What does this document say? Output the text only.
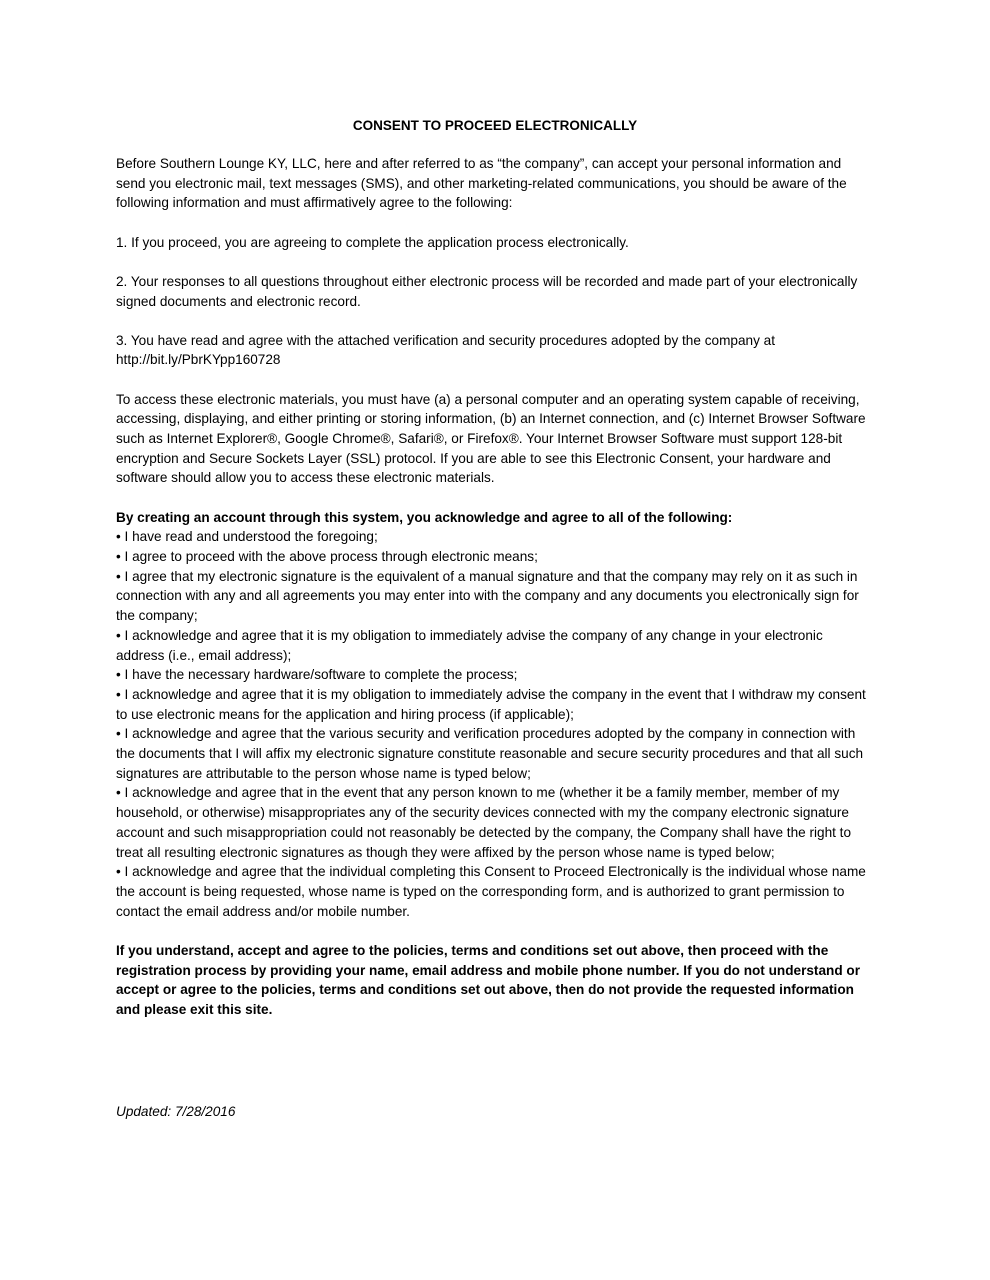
CONSENT TO PROCEED ELECTRONICALLY

Before Southern Lounge KY, LLC, here and after referred to as “the company”, can accept your personal information and send you electronic mail, text messages (SMS), and other marketing-related communications, you should be aware of the following information and must affirmatively agree to the following:

1. If you proceed, you are agreeing to complete the application process electronically.

2. Your responses to all questions throughout either electronic process will be recorded and made part of your electronically signed documents and electronic record.

3. You have read and agree with the attached verification and security procedures adopted by the company at http://bit.ly/PbrKYpp160728

To access these electronic materials, you must have (a) a personal computer and an operating system capable of receiving, accessing, displaying, and either printing or storing information, (b) an Internet connection, and (c) Internet Browser Software such as Internet Explorer®, Google Chrome®, Safari®, or Firefox®. Your Internet Browser Software must support 128-bit encryption and Secure Sockets Layer (SSL) protocol. If you are able to see this Electronic Consent, your hardware and software should allow you to access these electronic materials.

By creating an account through this system, you acknowledge and agree to all of the following:

• I have read and understood the foregoing;

• I agree to proceed with the above process through electronic means;

• I agree that my electronic signature is the equivalent of a manual signature and that the company may rely on it as such in connection with any and all agreements you may enter into with the company and any documents you electronically sign for the company;

• I acknowledge and agree that it is my obligation to immediately advise the company of any change in your electronic address (i.e., email address);

• I have the necessary hardware/software to complete the process;

• I acknowledge and agree that it is my obligation to immediately advise the company in the event that I withdraw my consent to use electronic means for the application and hiring process (if applicable);

• I acknowledge and agree that the various security and verification procedures adopted by the company in connection with the documents that I will affix my electronic signature constitute reasonable and secure security procedures and that all such signatures are attributable to the person whose name is typed below;

• I acknowledge and agree that in the event that any person known to me (whether it be a family member, member of my household, or otherwise) misappropriates any of the security devices connected with my the company electronic signature account and such misappropriation could not reasonably be detected by the company, the Company shall have the right to treat all resulting electronic signatures as though they were affixed by the person whose name is typed below;

• I acknowledge and agree that the individual completing this Consent to Proceed Electronically is the individual whose name the account is being requested, whose name is typed on the corresponding form, and is authorized to grant permission to contact the email address and/or mobile number.

If you understand, accept and agree to the policies, terms and conditions set out above, then proceed with the registration process by providing your name, email address and mobile phone number. If you do not understand or accept or agree to the policies, terms and conditions set out above, then do not provide the requested information and please exit this site.

Updated: 7/28/2016
